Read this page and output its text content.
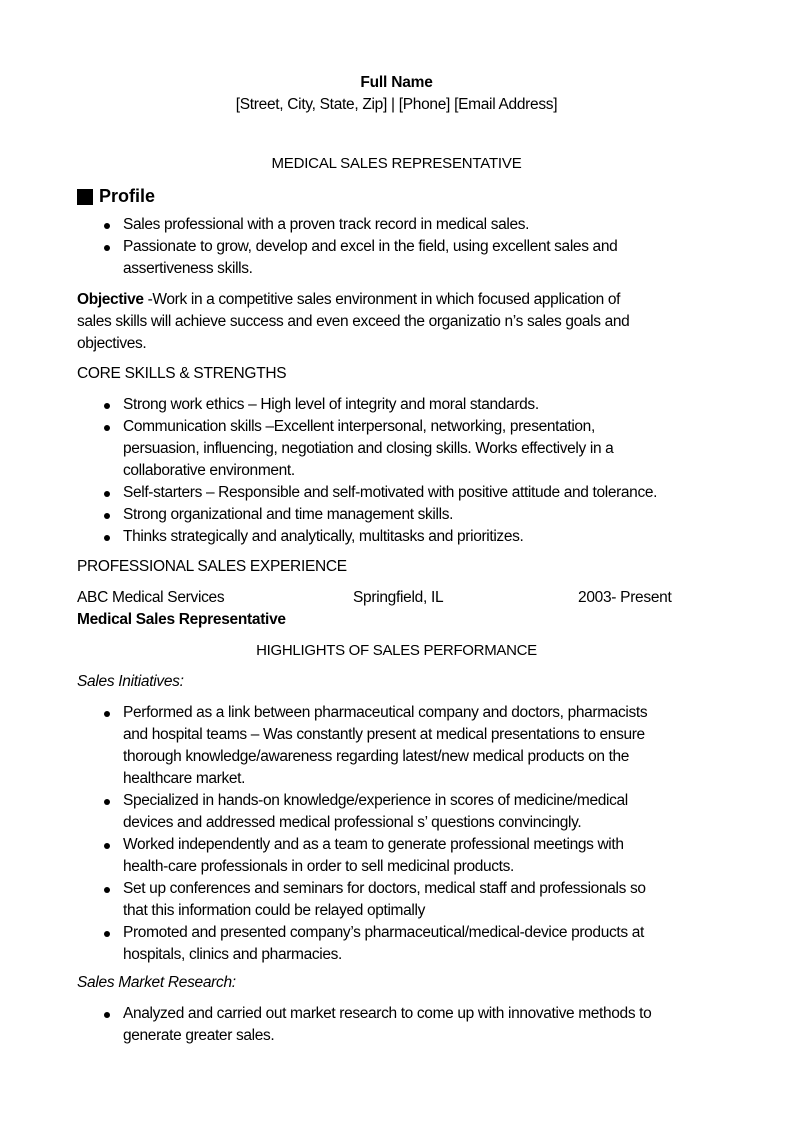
Full Name
[Street, City, State, Zip] | [Phone] [Email Address]
MEDICAL SALES REPRESENTATIVE
Profile
Sales professional with a proven track record in medical sales.
Passionate to grow, develop and excel in the field, using excellent sales and
assertiveness skills.
Objective -Work in a competitive sales environment in which focused application of
sales skills will achieve success and even exceed the organizatio n’s sales goals and
objectives.
CORE SKILLS & STRENGTHS
Strong work ethics – High level of integrity and moral standards.
Communication skills –Excellent interpersonal, networking, presentation,
persuasion, influencing, negotiation and closing skills. Works effectively in a
collaborative environment.
Self-starters – Responsible and self-motivated with positive attitude and tolerance.
Strong organizational and time management skills.
Thinks strategically and analytically, multitasks and prioritizes.
PROFESSIONAL SALES EXPERIENCE
ABC Medical Services	Springfield, IL	2003- Present
Medical Sales Representative
HIGHLIGHTS OF SALES PERFORMANCE
Sales Initiatives:
Performed as a link between pharmaceutical company and doctors, pharmacists
and hospital teams – Was constantly present at medical presentations to ensure
thorough knowledge/awareness regarding latest/new medical products on the
healthcare market.
Specialized in hands-on knowledge/experience in scores of medicine/medical
devices and addressed medical professional s’ questions convincingly.
Worked independently and as a team to generate professional meetings with
health-care professionals in order to sell medicinal products.
Set up conferences and seminars for doctors, medical staff and professionals so
that this information could be relayed optimally
Promoted and presented company’s pharmaceutical/medical-device products at
hospitals, clinics and pharmacies.
Sales Market Research:
Analyzed and carried out market research to come up with innovative methods to
generate greater sales.
